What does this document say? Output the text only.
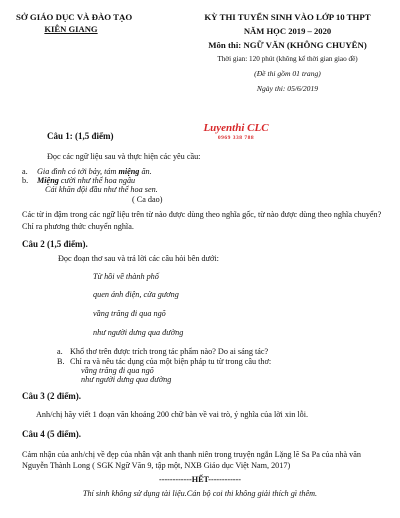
SỞ GIÁO DỤC VÀ ĐÀO TẠO
KIÊN GIANG
KỲ THI TUYỂN SINH VÀO LỚP 10 THPT
NĂM HỌC 2019 – 2020
Môn thi: NGỮ VĂN (KHÔNG CHUYÊN)
Thời gian: 120 phút (không kể thời gian giao đề)
(Đề thi gồm 01 trang)
Ngày thi: 05/6/2019
Luyenthi CLC
0969 338 788
Câu 1: (1,5 điểm)
Đọc các ngữ liệu sau và thực hiện các yêu cầu:
a. Gia đình có tới bảy, tám miệng ăn.
b. Miệng cười như thể hoa ngâu
Cái khăn đội đầu như thể hoa sen.
( Ca dao)
Các từ in đậm trong các ngữ liệu trên từ nào được dùng theo nghĩa gốc, từ nào được dùng theo nghĩa chuyển? Chỉ ra phương thức chuyển nghĩa.
Câu 2 (1,5 điểm).
Đọc đoạn thơ sau và trả lời các câu hỏi bên dưới:
Từ hồi về thành phố
quen ánh điện, cửa gương
vầng trăng đi qua ngõ
như người dưng qua đường
a. Khổ thơ trên được trích trong tác phẩm nào? Do ai sáng tác?
B. Chỉ ra và nêu tác dụng của một biện pháp tu từ trong câu thơ:
vầng trăng đi qua ngõ
như người dưng qua đường
Câu 3 (2 điểm).
Anh/chị hãy viết 1 đoạn văn khoảng 200 chữ bàn về vai trò, ý nghĩa của lời xin lỗi.
Câu 4 (5 điểm).
Cảm nhận của anh/chị về đẹp của nhân vật anh thanh niên trong truyện ngắn Lặng lẽ Sa Pa của nhà văn Nguyễn Thành Long ( SGK Ngữ Văn 9, tập một, NXB Giáo dục Việt Nam, 2017)
------------HẾT------------
Thí sinh không sử dụng tài liệu.Cán bộ coi thi không giải thích gì thêm.
